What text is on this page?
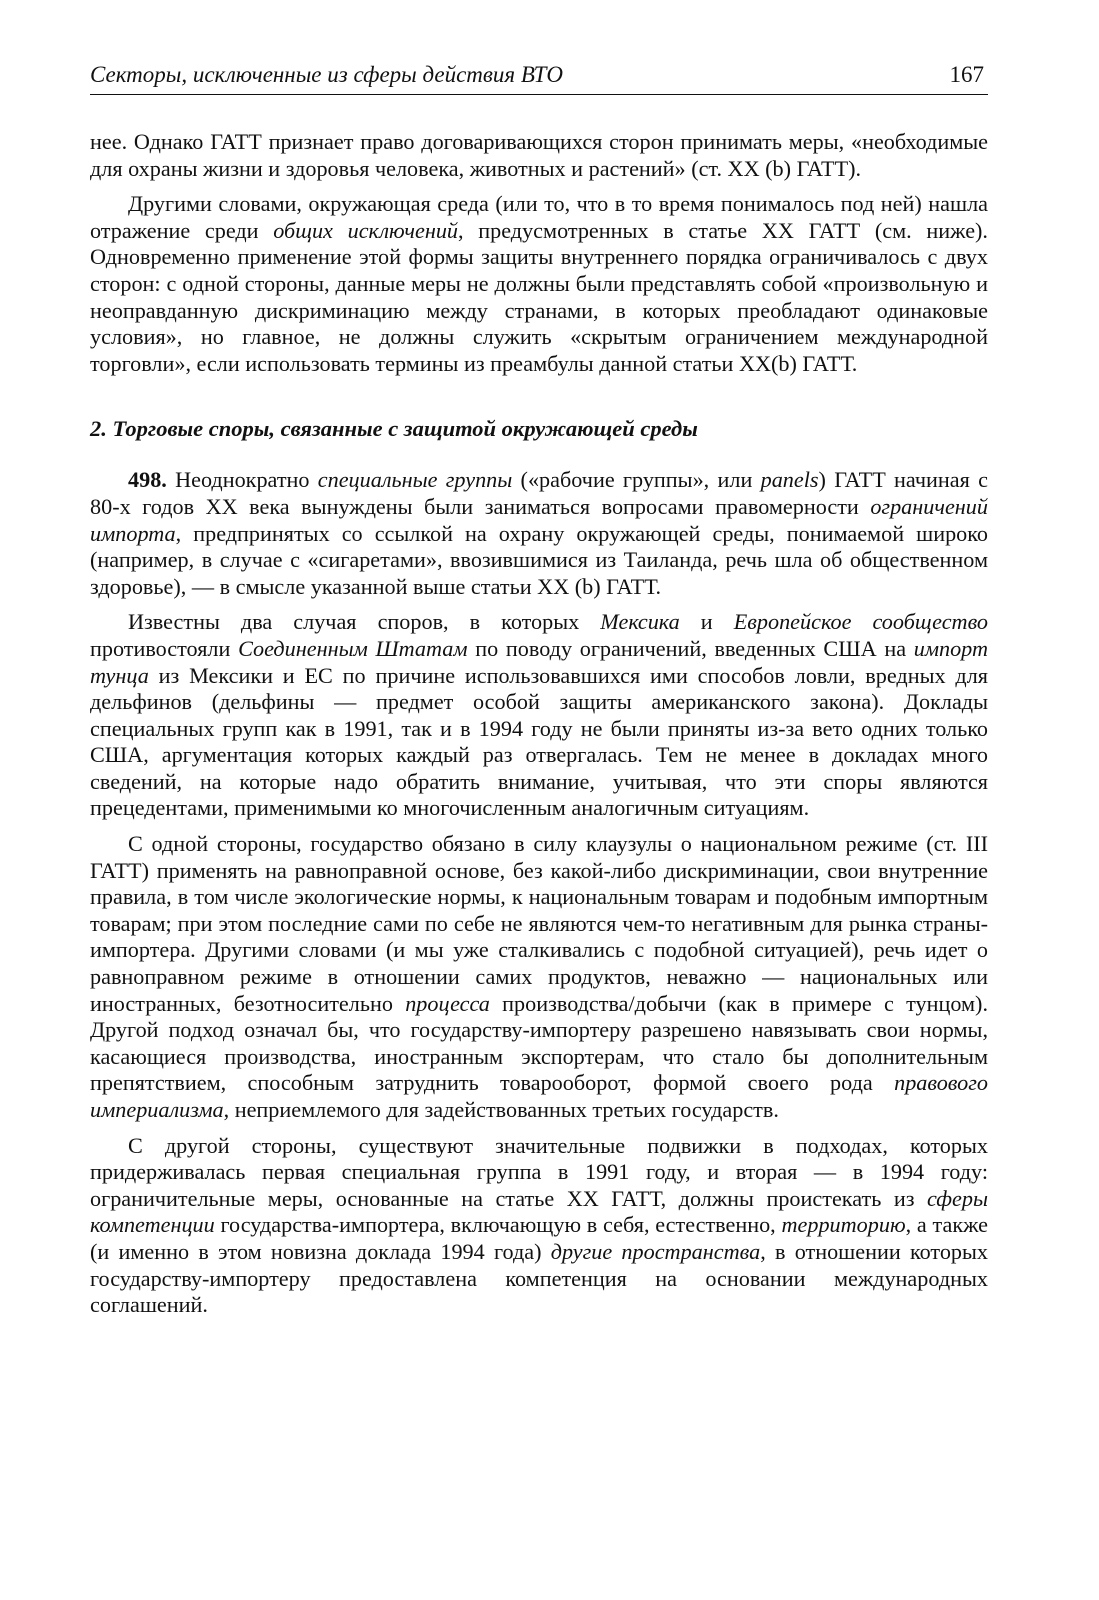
Секторы, исключенные из сферы действия ВТО	167

нее. Однако ГАТТ признает право договаривающихся сторон принимать меры, «необходимые для охраны жизни и здоровья человека, животных и растений» (ст. XX (b) ГАТТ).

Другими словами, окружающая среда (или то, что в то время понималось под ней) нашла отражение среди общих исключений, предусмотренных в статье XX ГАТТ (см. ниже). Одновременно применение этой формы защиты внутреннего порядка ограничивалось с двух сторон: с одной стороны, данные меры не должны были представлять собой «произвольную и неоправданную дискриминацию между странами, в которых преобладают одинаковые условия», но главное, не должны служить «скрытым ограничением международной торговли», если использовать термины из преамбулы данной статьи XX(b) ГАТТ.

2. Торговые споры, связанные с защитой окружающей среды

498. Неоднократно специальные группы («рабочие группы», или panels) ГАТТ начиная с 80-х годов XX века вынуждены были заниматься вопросами правомерности ограничений импорта, предпринятых со ссылкой на охрану окружающей среды, понимаемой широко (например, в случае с «сигаретами», ввозившимися из Таиланда, речь шла об общественном здоровье), — в смысле указанной выше статьи XX (b) ГАТТ.

Известны два случая споров, в которых Мексика и Европейское сообщество противостояли Соединенным Штатам по поводу ограничений, введенных США на импорт тунца из Мексики и ЕС по причине использовавшихся ими способов ловли, вредных для дельфинов (дельфины — предмет особой защиты американского закона). Доклады специальных групп как в 1991, так и в 1994 году не были приняты из-за вето одних только США, аргументация которых каждый раз отвергалась. Тем не менее в докладах много сведений, на которые надо обратить внимание, учитывая, что эти споры являются прецедентами, применимыми ко многочисленным аналогичным ситуациям.

С одной стороны, государство обязано в силу клаузулы о национальном режиме (ст. III ГАТТ) применять на равноправной основе, без какой-либо дискриминации, свои внутренние правила, в том числе экологические нормы, к национальным товарам и подобным импортным товарам; при этом последние сами по себе не являются чем-то негативным для рынка страны-импортера. Другими словами (и мы уже сталкивались с подобной ситуацией), речь идет о равноправном режиме в отношении самих продуктов, неважно — национальных или иностранных, безотносительно процесса производства/добычи (как в примере с тунцом). Другой подход означал бы, что государству-импортеру разрешено навязывать свои нормы, касающиеся производства, иностранным экспортерам, что стало бы дополнительным препятствием, способным затруднить товарооборот, формой своего рода правового империализма, неприемлемого для задействованных третьих государств.

С другой стороны, существуют значительные подвижки в подходах, которых придерживалась первая специальная группа в 1991 году, и вторая — в 1994 году: ограничительные меры, основанные на статье XX ГАТТ, должны проистекать из сферы компетенции государства-импортера, включающую в себя, естественно, территорию, а также (и именно в этом новизна доклада 1994 года) другие пространства, в отношении которых государству-импортеру предоставлена компетенция на основании международных соглашений.
